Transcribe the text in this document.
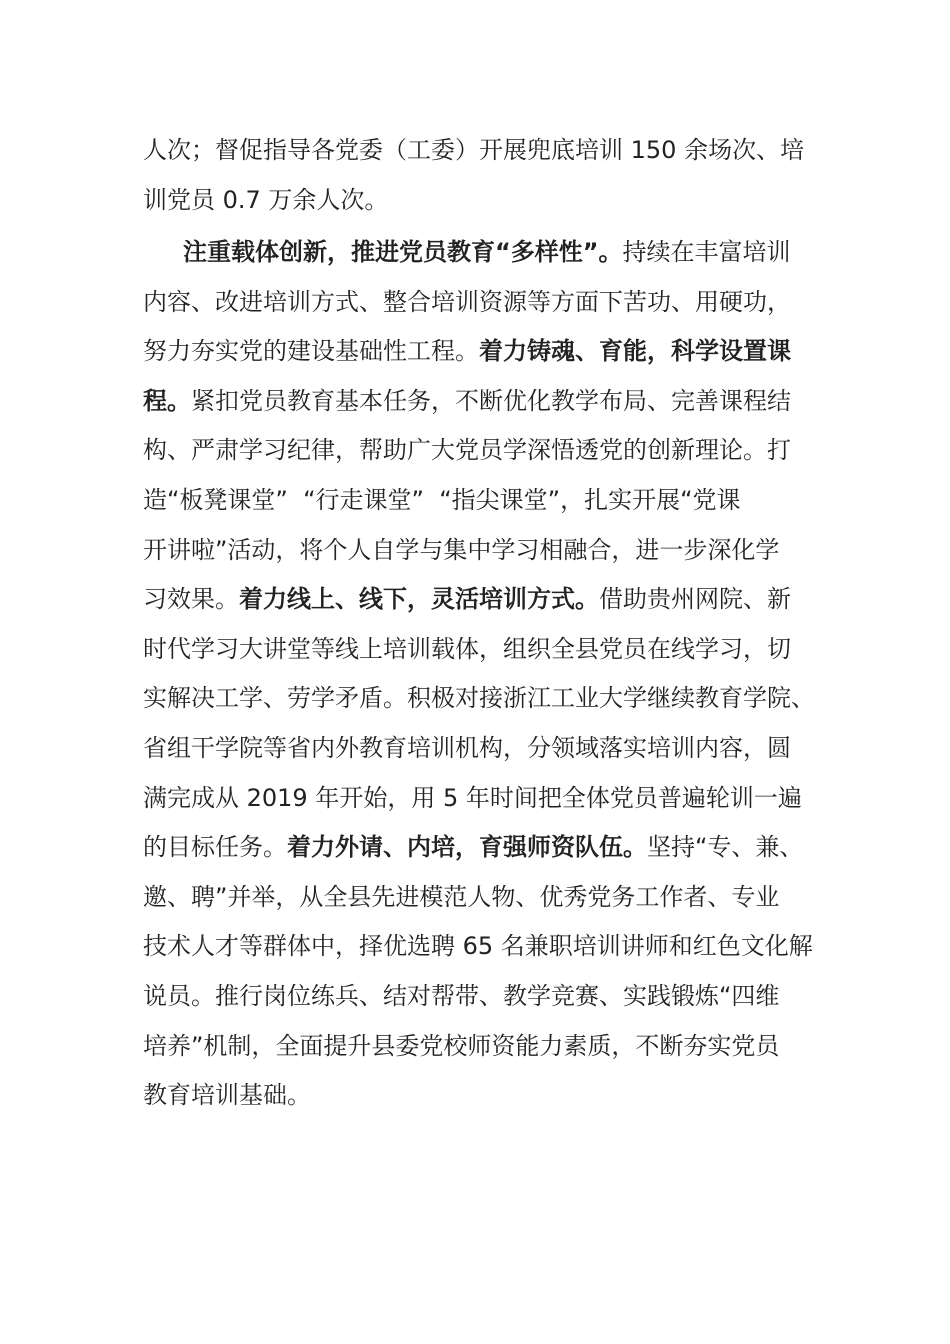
人次；督促指导各党委（工委）开展兜底培训 150 余场次、培
训党员 0.7 万余人次。
注重载体创新，推进党员教育“多样性”。持续在丰富培训
内容、改进培训方式、整合培训资源等方面下苦功、用硬功，
努力夯实党的建设基础性工程。着力铸魂、育能，科学设置课
程。紧扣党员教育基本任务，不断优化教学布局、完善课程结
构、严肃学习纪律，帮助广大党员学深悟透党的创新理论。打
造“板凳课堂”  “行走课堂”  “指尖课堂”，扎实开展“党课
开讲啦”活动，将个人自学与集中学习相融合，进一步深化学
习效果。着力线上、线下，灵活培训方式。借助贵州网院、新
时代学习大讲堂等线上培训载体，组织全县党员在线学习，切
实解决工学、劳学矛盾。积极对接浙江工业大学继续教育学院、
省组干学院等省内外教育培训机构，分领域落实培训内容，圆
满完成从 2019 年开始，用 5 年时间把全体党员普遍轮训一遍
的目标任务。着力外请、内培，育强师资队伍。坚持“专、兼、
邀、聘”并举，从全县先进模范人物、优秀党务工作者、专业
技术人才等群体中，择优选聘 65 名兼职培训讲师和红色文化解
说员。推行岗位练兵、结对帮带、教学竞赛、实践锻炼“四维
培养”机制，全面提升县委党校师资能力素质，不断夯实党员
教育培训基础。
